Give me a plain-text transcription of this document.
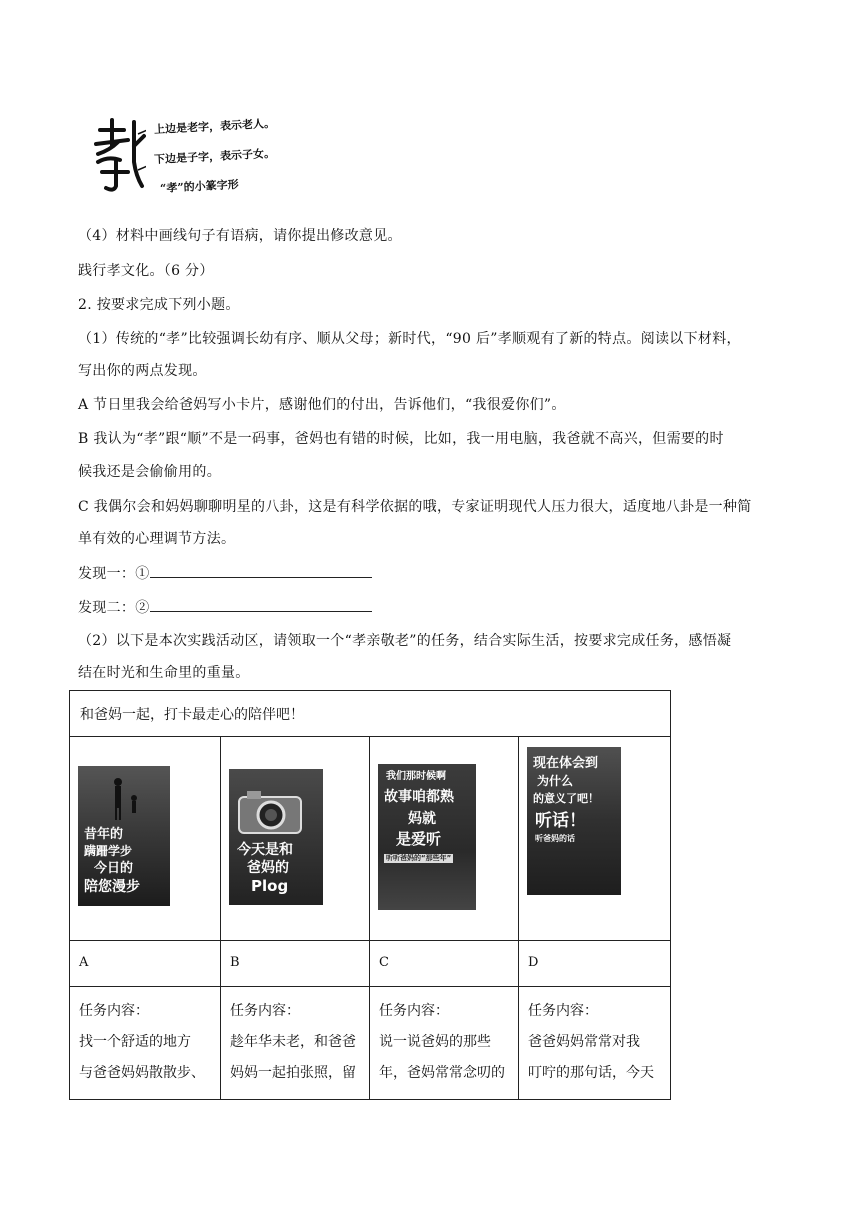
上边是老字，表示老人。
下边是子字，表示子女。
“孝”的小篆字形
（4）材料中画线句子有语病，请你提出修改意见。
践行孝文化。（6 分）
2. 按要求完成下列小题。
（1）传统的“孝”比较强调长幼有序、顺从父母；新时代，“90 后”孝顺观有了新的特点。阅读以下材料，
写出你的两点发现。
A 节日里我会给爸妈写小卡片，感谢他们的付出，告诉他们，“我很爱你们”。
B 我认为“孝”跟“顺”不是一码事，爸妈也有错的时候，比如，我一用电脑，我爸就不高兴，但需要的时
候我还是会偷偷用的。
C 我偶尔会和妈妈聊聊明星的八卦，这是有科学依据的哦，专家证明现代人压力很大，适度地八卦是一种简
单有效的心理调节方法。
发现一：①
发现二：②
（2）以下是本次实践活动区，请领取一个“孝亲敬老”的任务，结合实际生活，按要求完成任务，感悟凝
结在时光和生命里的重量。
和爸妈一起，打卡最走心的陪伴吧！
昔年的
蹒跚学步
今日的
陪您漫步
A
任务内容：
找一个舒适的地方
与爸爸妈妈散散步、
今天是和
爸妈的
Plog
B
任务内容：
趁年华未老，和爸爸
妈妈一起拍张照，留
我们那时候啊
故事咱都熟
妈就
是爱听
听听爸妈的“那些年”
C
任务内容：
说一说爸妈的那些
年，爸妈常常念叨的
现在体会到
为什么
的意义了吧！
听话！
听爸妈的话
D
任务内容：
爸爸妈妈常常对我
叮咛的那句话，今天
